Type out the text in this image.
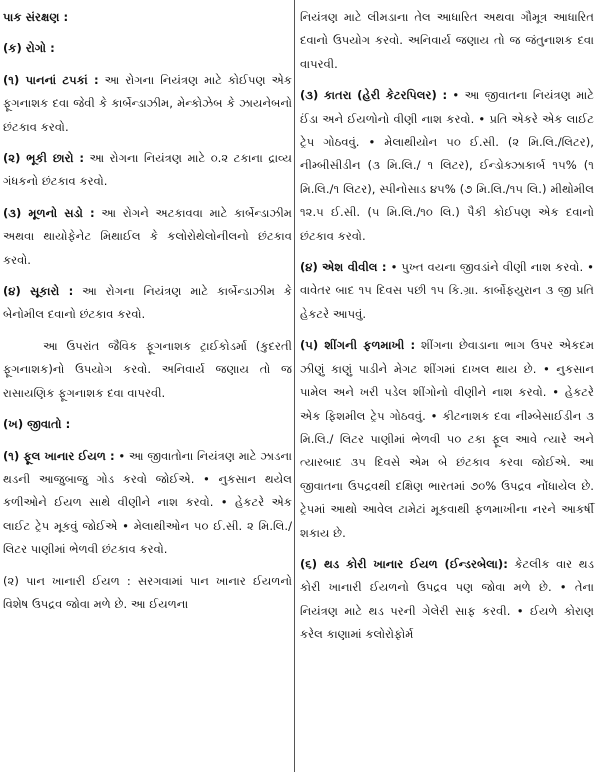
પાક સંરક્ષણ :
(ક) રોગો :

(૧) પાનનાં ટપકાં : આ રોગના નિયંત્રણ માટે કોઈપણ એક ફૂગનાશક દવા જેવી કે કાર્બેન્ડાઝીમ, મેન્કોઝેબ કે ઝાયનેબનો છંટકાવ કરવો.

(૨) ભૂકી છારો : આ રોગના નિયંત્રણ માટે ૦.૨ ટકાના દ્રાવ્ય ગંધકનો છંટકાવ કરવો.

(૩) મૂળનો સડો : આ રોગને અટકાવવા માટે કાર્બેન્ડાઝીમ અથવા થાયોફેનેટ મિથાઈલ કે કલોરોથેલોનીલનો છંટકાવ કરવો.

(૪) સૂકારો : આ રોગના નિયંત્રણ માટે કાર્બેન્ડાઝીમ કે બેનોમીલ દવાનો છંટકાવ કરવો.

આ ઉપરાંત જૈવિક ફૂગનાશક ટ્રાઈકોડર્મા (કુદરતી ફૂગનાશક)નો ઉપયોગ કરવો. અનિવાર્ય જણાય તો જ રાસાયણિક ફૂગનાશક દવા વાપરવી.

(ખ) જીવાતો :

(૧) ફૂલ ખાનાર ઈયળ : • આ જીવાતોના નિયંત્રણ માટે ઝાડના થડની આજુબાજુ ગોડ કરવો જોઈએ. • નુકસાન થયેલ કળીઓને ઈયળ સાથે વીણીને નાશ કરવો. • હેકટરે એક લાઈટ ટ્રેપ મૂકવું જોઈએ • મેલાથીઓન ૫૦ ઈ.સી. ૨ મિ.લિ./લિટર પાણીમાં ભેળવી છંટકાવ કરવો.

(૨) પાન ખાનારી ઈયળ : સરગવામાં પાન ખાનાર ઈયળનો વિશેષ ઉપદ્રવ જોવા મળે છે. આ ઈયળના

નિયંત્રણ માટે લીમડાના તેલ આધારિત અથવા ગૌમૂત્ર આધારિત દવાનો ઉપયોગ કરવો. અનિવાર્ય જણાય તો જ જંતુનાશક દવા વાપરવી.

(૩) કાતરા (હેરી કેટરપિલર) : • આ જીવાતના નિયંત્રણ માટે ઈંડા અને ઈયળોનો વીણી નાશ કરવો. • પ્રતિ એકરે એક લાઈટ ટ્રેપ ગોઠવવું. • મેલાથીયોન ૫૦ ઈ.સી. (૨ મિ.લિ./લિટર), નીમ્બીસીડીન (૩ મિ.લિ./ ૧ લિટર), ઈન્ડોક્ઝાકાર્બ ૧૫% (૧ મિ.લિ./૧ લિટર), સ્પીનોસાડ ૪૫% (૭ મિ.લિ./૧૫ લિ.) મીથોમીલ ૧૨.૫ ઈ.સી. (૫ મિ.લિ./૧૦ લિ.) પૈકી કોઈપણ એક દવાનો છંટકાવ કરવો.

(૪) એશ વીવીલ : • પુખ્ત વયના જીવડાંને વીણી નાશ કરવો. • વાવેતર બાદ ૧૫ દિવસ પછી ૧૫ કિ.ગ્રા. કાર્બોફયુરાન ૩ જી પ્રતિ હેકટરે આપવું.

(૫) શીંગની ફળમાખી : શીંગના છેવાડાના ભાગ ઉપર એકદમ ઝીણું કાણું પાડીને મેગટ શીંગમાં દાખલ થાય છે. • નુકસાન પામેલ અને ખરી પડેલ શીંગોનો વીણીને નાશ કરવો. • હેકટરે એક ફિશમીલ ટ્રેપ ગોઠવવું. • કીટનાશક દવા નીમ્બેસાઈડીન ૩ મિ.લિ./ લિટર પાણીમાં ભેળવી ૫૦ ટકા ફૂલ આવે ત્યારે અને ત્યારબાદ ૩૫ દિવસે એમ બે છંટકાવ કરવા જોઈએ. આ જીવાતના ઉપદ્રવથી દક્ષિણ ભારતમાં ૭૦% ઉપદ્રવ નોંધાયેલ છે. ટ્રેપમાં આથો આવેલ ટામેટાં મૂકવાથી ફળમાખીના નરને આકર્ષી શકાય છે.

(૬) થડ કોરી ખાનાર ઈયળ (ઈન્ડરબેલા): કેટલીક વાર થડ કોરી ખાનારી ઈયળનો ઉપદ્રવ પણ જોવા મળે છે. • તેના નિયંત્રણ માટે થડ પરની ગેલેરી સાફ કરવી. • ઈયળે કોરાણ કરેલ કાણામાં કલોરોફોર્મ
